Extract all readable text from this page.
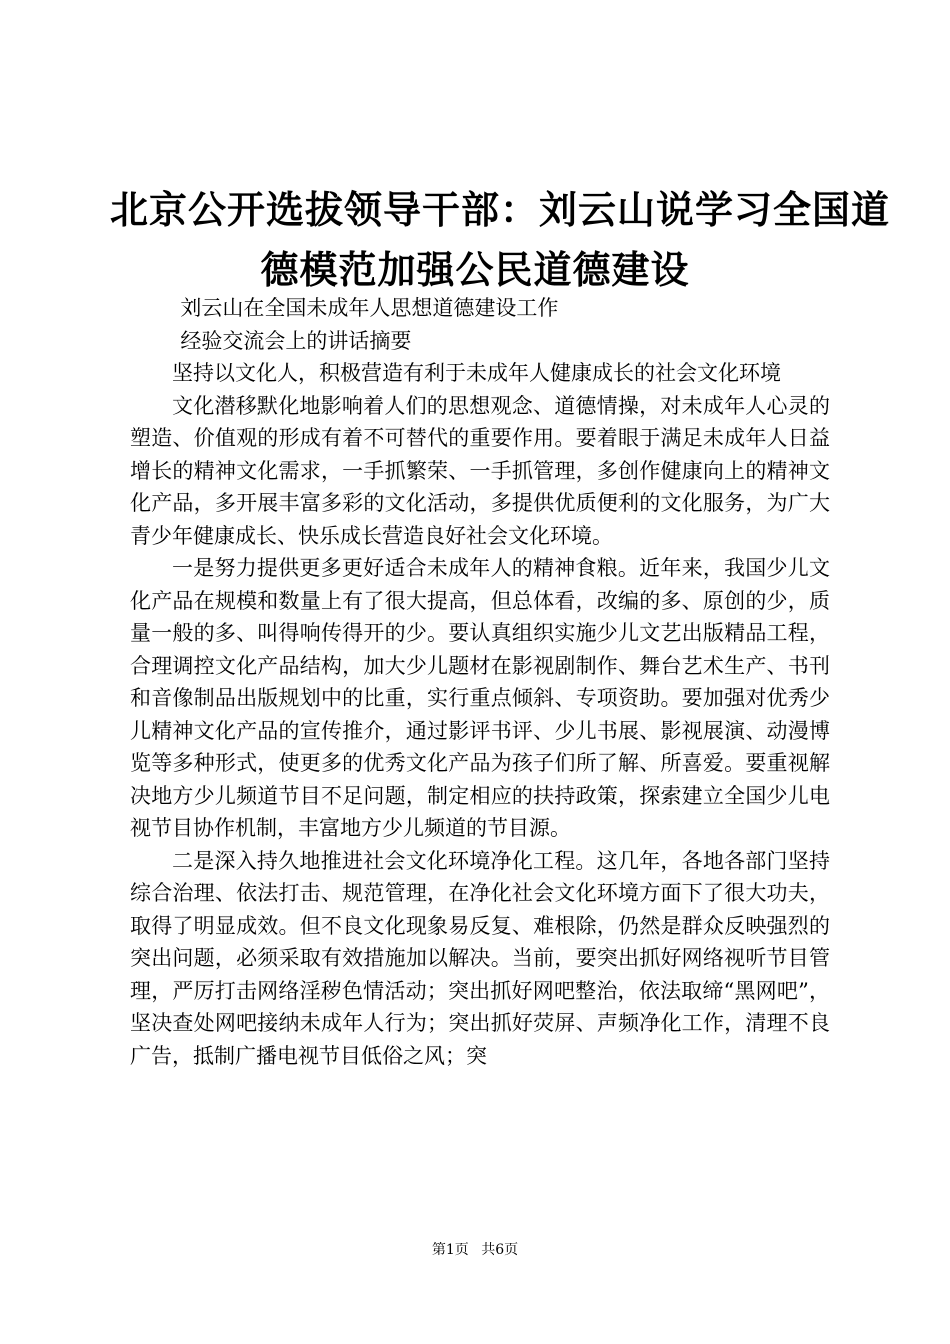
北京公开选拔领导干部：刘云山说学习全国道
德模范加强公民道德建设

刘云山在全国未成年人思想道德建设工作

经验交流会上的讲话摘要

坚持以文化人，积极营造有利于未成年人健康成长的社会文化环境

文化潜移默化地影响着人们的思想观念、道德情操，对未成年人心灵的塑造、价值观的形成有着不可替代的重要作用。要着眼于满足未成年人日益增长的精神文化需求，一手抓繁荣、一手抓管理，多创作健康向上的精神文化产品，多开展丰富多彩的文化活动，多提供优质便利的文化服务，为广大青少年健康成长、快乐成长营造良好社会文化环境。

一是努力提供更多更好适合未成年人的精神食粮。近年来，我国少儿文化产品在规模和数量上有了很大提高，但总体看，改编的多、原创的少，质量一般的多、叫得响传得开的少。要认真组织实施少儿文艺出版精品工程，合理调控文化产品结构，加大少儿题材在影视剧制作、舞台艺术生产、书刊和音像制品出版规划中的比重，实行重点倾斜、专项资助。要加强对优秀少儿精神文化产品的宣传推介，通过影评书评、少儿书展、影视展演、动漫博览等多种形式，使更多的优秀文化产品为孩子们所了解、所喜爱。要重视解决地方少儿频道节目不足问题，制定相应的扶持政策，探索建立全国少儿电视节目协作机制，丰富地方少儿频道的节目源。

二是深入持久地推进社会文化环境净化工程。这几年，各地各部门坚持综合治理、依法打击、规范管理，在净化社会文化环境方面下了很大功夫，取得了明显成效。但不良文化现象易反复、难根除，仍然是群众反映强烈的突出问题，必须采取有效措施加以解决。当前，要突出抓好网络视听节目管理，严厉打击网络淫秽色情活动；突出抓好网吧整治，依法取缔“黑网吧”，坚决查处网吧接纳未成年人行为；突出抓好荧屏、声频净化工作，清理不良广告，抵制广播电视节目低俗之风；突

第1页 共6页
